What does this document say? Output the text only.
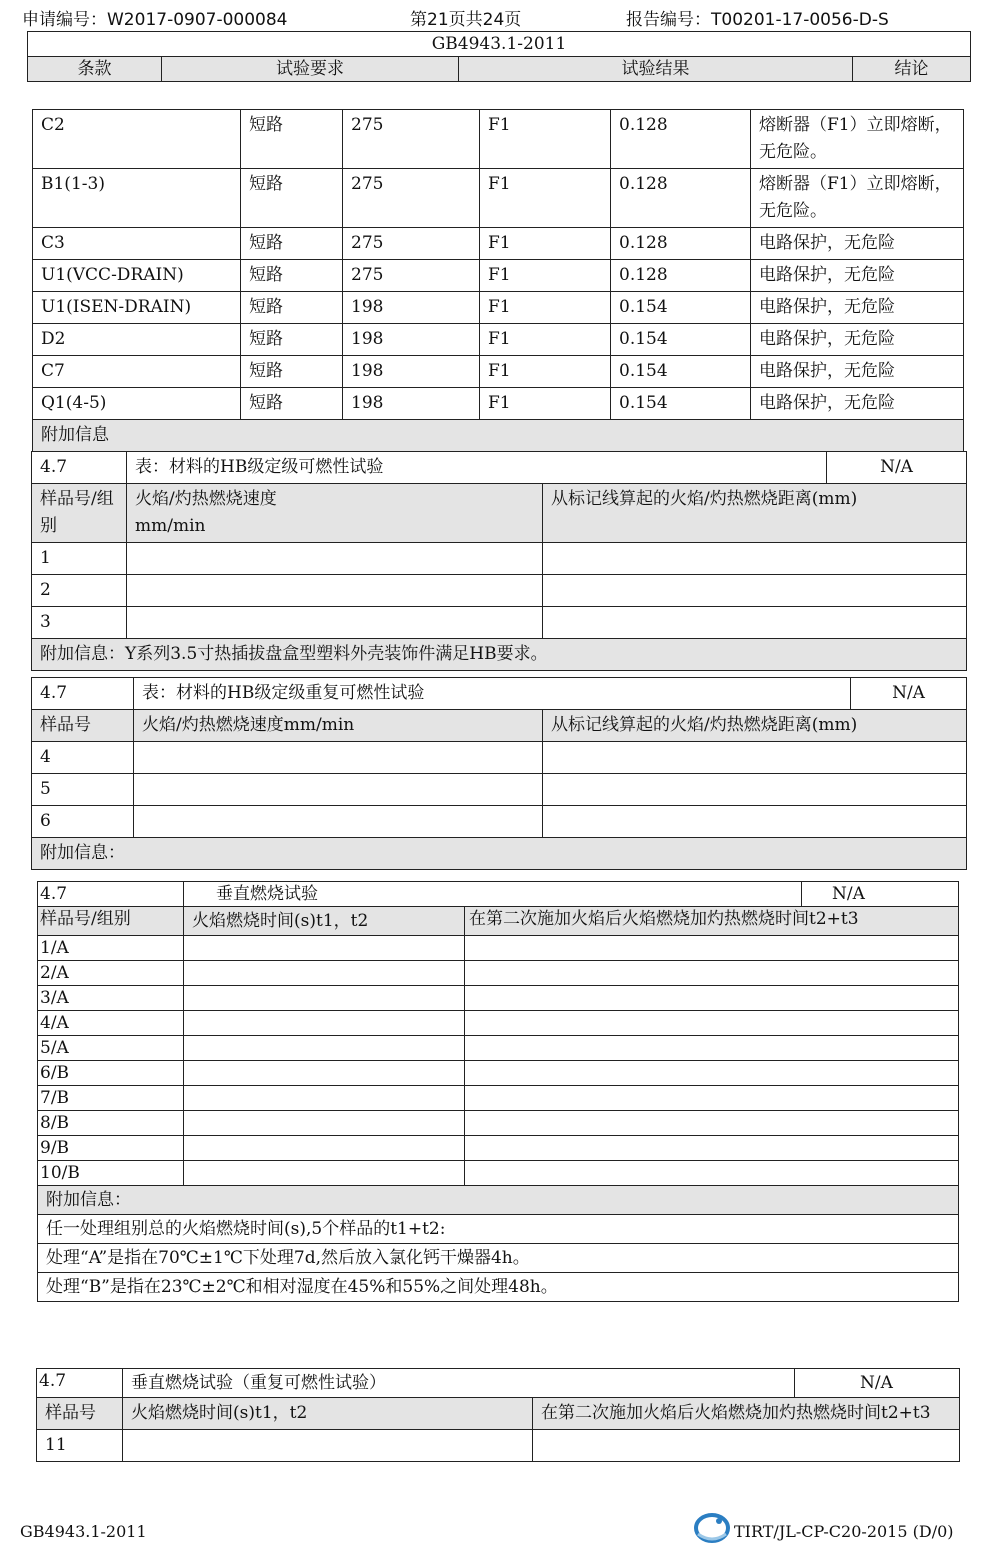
申请编号：W2017-0907-000084	第21页共24页	报告编号：T00201-17-0056-D-S
GB4943.1-2011
条款	试验要求	试验结果	结论
C2	短路	275	F1	0.128	熔断器（F1）立即熔断，无危险。
B1(1-3)	短路	275	F1	0.128	熔断器（F1）立即熔断，无危险。
C3	短路	275	F1	0.128	电路保护，无危险
U1(VCC-DRAIN)	短路	275	F1	0.128	电路保护，无危险
U1(ISEN-DRAIN)	短路	198	F1	0.154	电路保护，无危险
D2	短路	198	F1	0.154	电路保护，无危险
C7	短路	198	F1	0.154	电路保护，无危险
Q1(4-5)	短路	198	F1	0.154	电路保护，无危险
附加信息					
4.7	表：材料的HB级定级可燃性试验		N/A
样品号/组别	火焰/灼热燃烧速度mm/min	从标记线算起的火焰/灼热燃烧距离(mm)	
1			
2			
3			
附加信息：Y系列3.5寸热插拔盘盒型塑料外壳装饰件满足HB要求。			
4.7	表：材料的HB级定级重复可燃性试验		N/A
样品号	火焰/灼热燃烧速度mm/min	从标记线算起的火焰/灼热燃烧距离(mm)	
4			
5			
6			
附加信息：			
4.7	垂直燃烧试验		N/A
样品号/组别	火焰燃烧时间(s)t1，t2	在第二次施加火焰后火焰燃烧加灼热燃烧时间t2+t3	
1/A			
2/A			
3/A			
4/A			
5/A			
6/B			
7/B			
8/B			
9/B			
10/B			
附加信息：			
任一处理组别总的火焰燃烧时间(s),5个样品的t1+t2:			
处理“A”是指在70℃±1℃下处理7d,然后放入氯化钙干燥器4h。			
处理“B”是指在23℃±2℃和相对湿度在45%和55%之间处理48h。			
4.7	垂直燃烧试验（重复可燃性试验）		N/A
样品号	火焰燃烧时间(s)t1，t2	在第二次施加火焰后火焰燃烧加灼热燃烧时间t2+t3	
11			
GB4943.1-2011	TIRT/JL-CP-C20-2015 (D/0)
